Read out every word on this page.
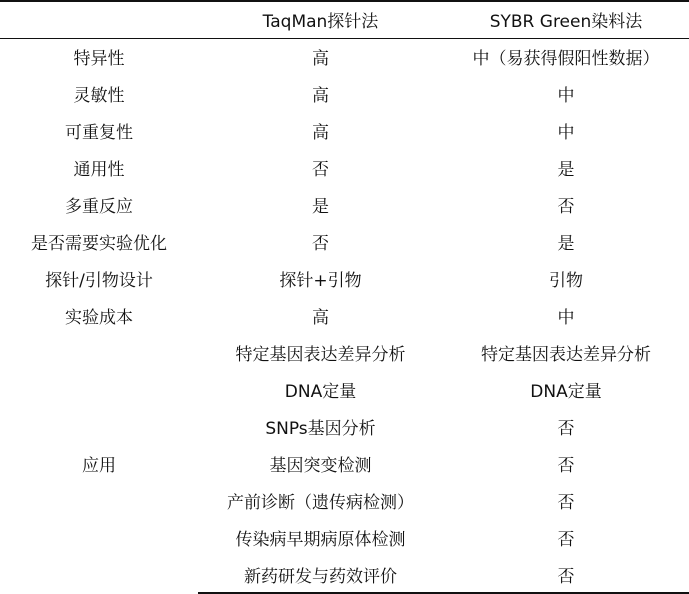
	TaqMan探针法	SYBR Green染料法
特异性	高	中（易获得假阳性数据）
灵敏性	高	中
可重复性	高	中
通用性	否	是
多重反应	是	否
是否需要实验优化	否	是
探针/引物设计	探针+引物	引物
实验成本	高	中
应用	特定基因表达差异分析	特定基因表达差异分析
	DNA定量	DNA定量
	SNPs基因分析	否
	基因突变检测	否
	产前诊断（遗传病检测）	否
	传染病早期病原体检测	否
	新药研发与药效评价	否
